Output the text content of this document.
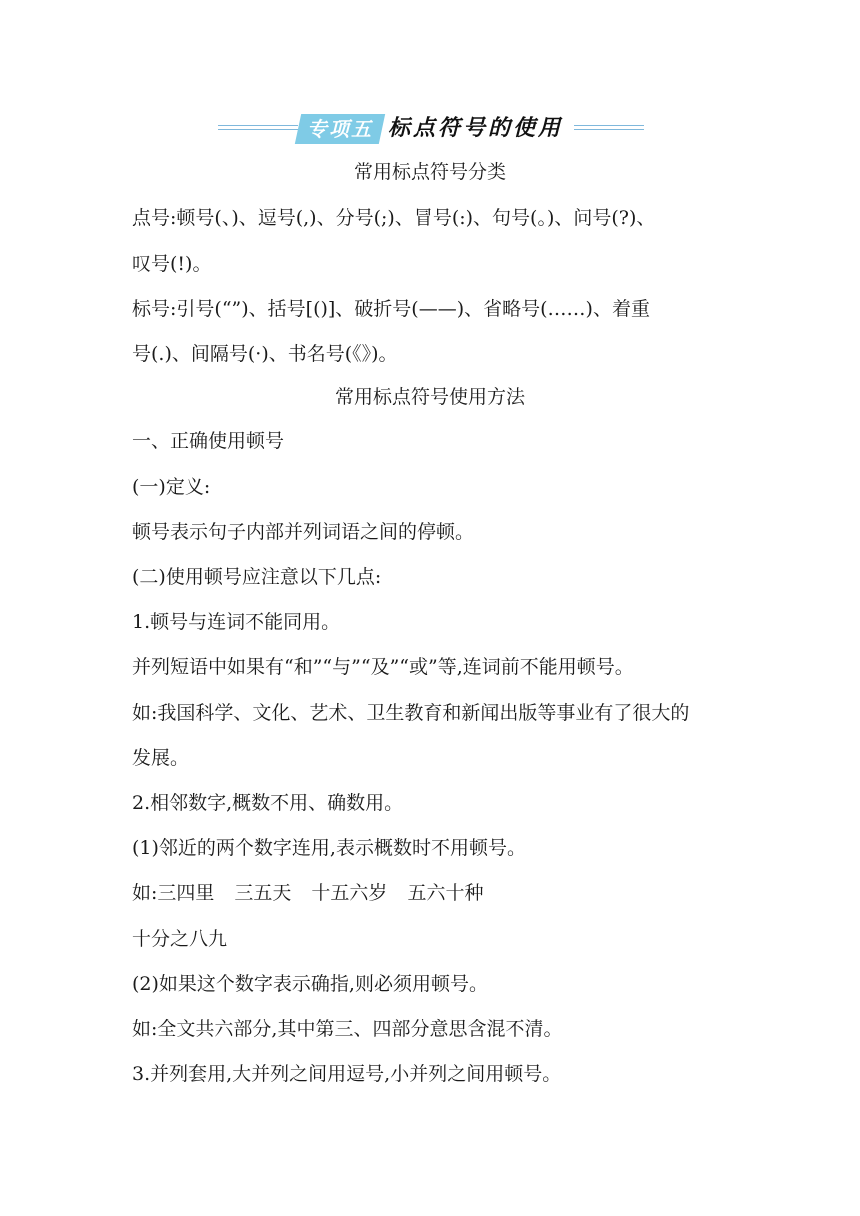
专项五 标点符号的使用
常用标点符号分类
点号:顿号(、)、逗号(,)、分号(;)、冒号(:)、句号(。)、问号(?)、
叹号(!)。
标号:引号(“”)、括号[()]、破折号(——)、省略号(……)、着重
号(.)、间隔号(·)、书名号(《》)。
常用标点符号使用方法
一、正确使用顿号
(一)定义:
顿号表示句子内部并列词语之间的停顿。
(二)使用顿号应注意以下几点:
1.顿号与连词不能同用。
并列短语中如果有“和”“与”“及”“或”等,连词前不能用顿号。
如:我国科学、文化、艺术、卫生教育和新闻出版等事业有了很大的
发展。
2.相邻数字,概数不用、确数用。
(1)邻近的两个数字连用,表示概数时不用顿号。
如:三四里 三五天 十五六岁 五六十种
十分之八九
(2)如果这个数字表示确指,则必须用顿号。
如:全文共六部分,其中第三、四部分意思含混不清。
3.并列套用,大并列之间用逗号,小并列之间用顿号。
